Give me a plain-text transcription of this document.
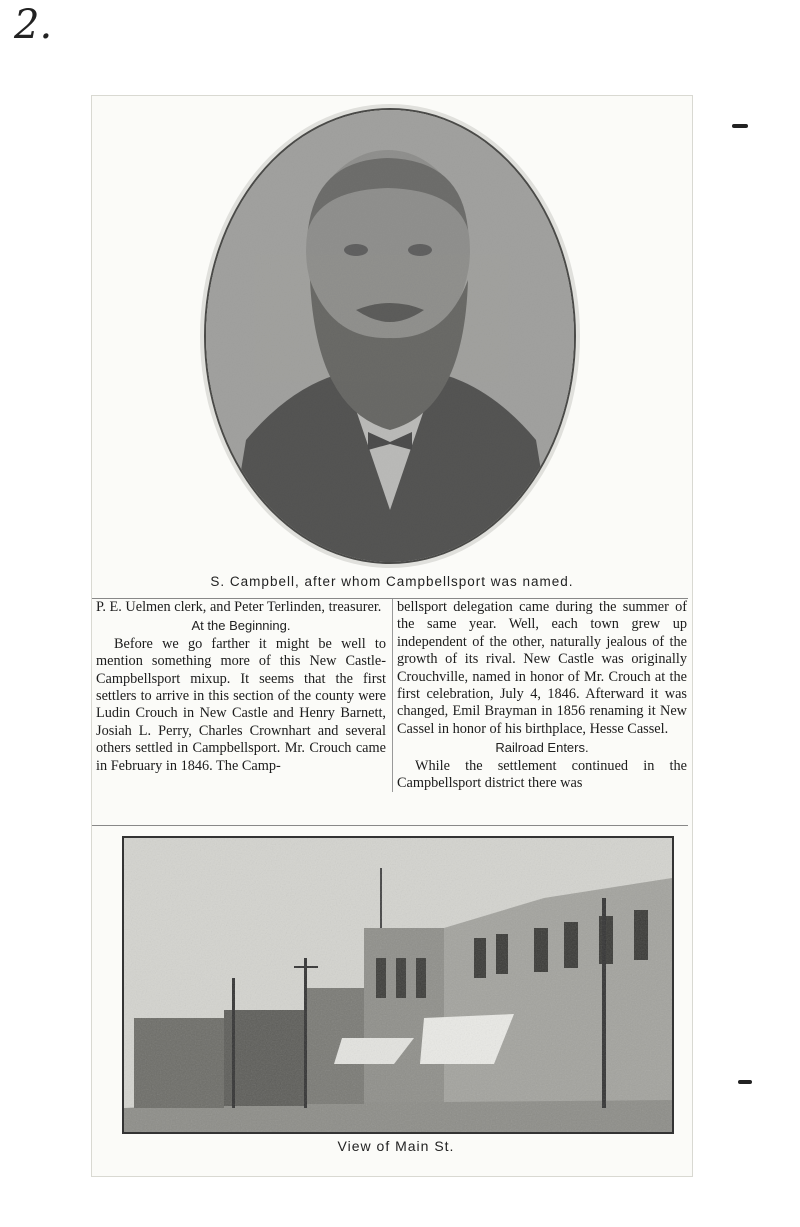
2.
S. Campbell, after whom Campbellsport was named.

P. E. Uelmen clerk, and Peter Terlinden, treasurer.

At the Beginning.

Before we go farther it might be well to mention something more of this New Castle-Campbellsport mixup. It seems that the first settlers to arrive in this section of the county were Ludin Crouch in New Castle and Henry Barnett, Josiah L. Perry, Charles Crownhart and several others settled in Campbellsport. Mr. Crouch came in February in 1846. The Camp-

bellsport delegation came during the summer of the same year. Well, each town grew up independent of the other, naturally jealous of the growth of its rival. New Castle was originally Crouchville, named in honor of Mr. Crouch at the first celebration, July 4, 1846. Afterward it was changed, Emil Brayman in 1856 renaming it New Cassel in honor of his birthplace, Hesse Cassel.

Railroad Enters.

While the settlement continued in the Campbellsport district there was

View of Main St.
